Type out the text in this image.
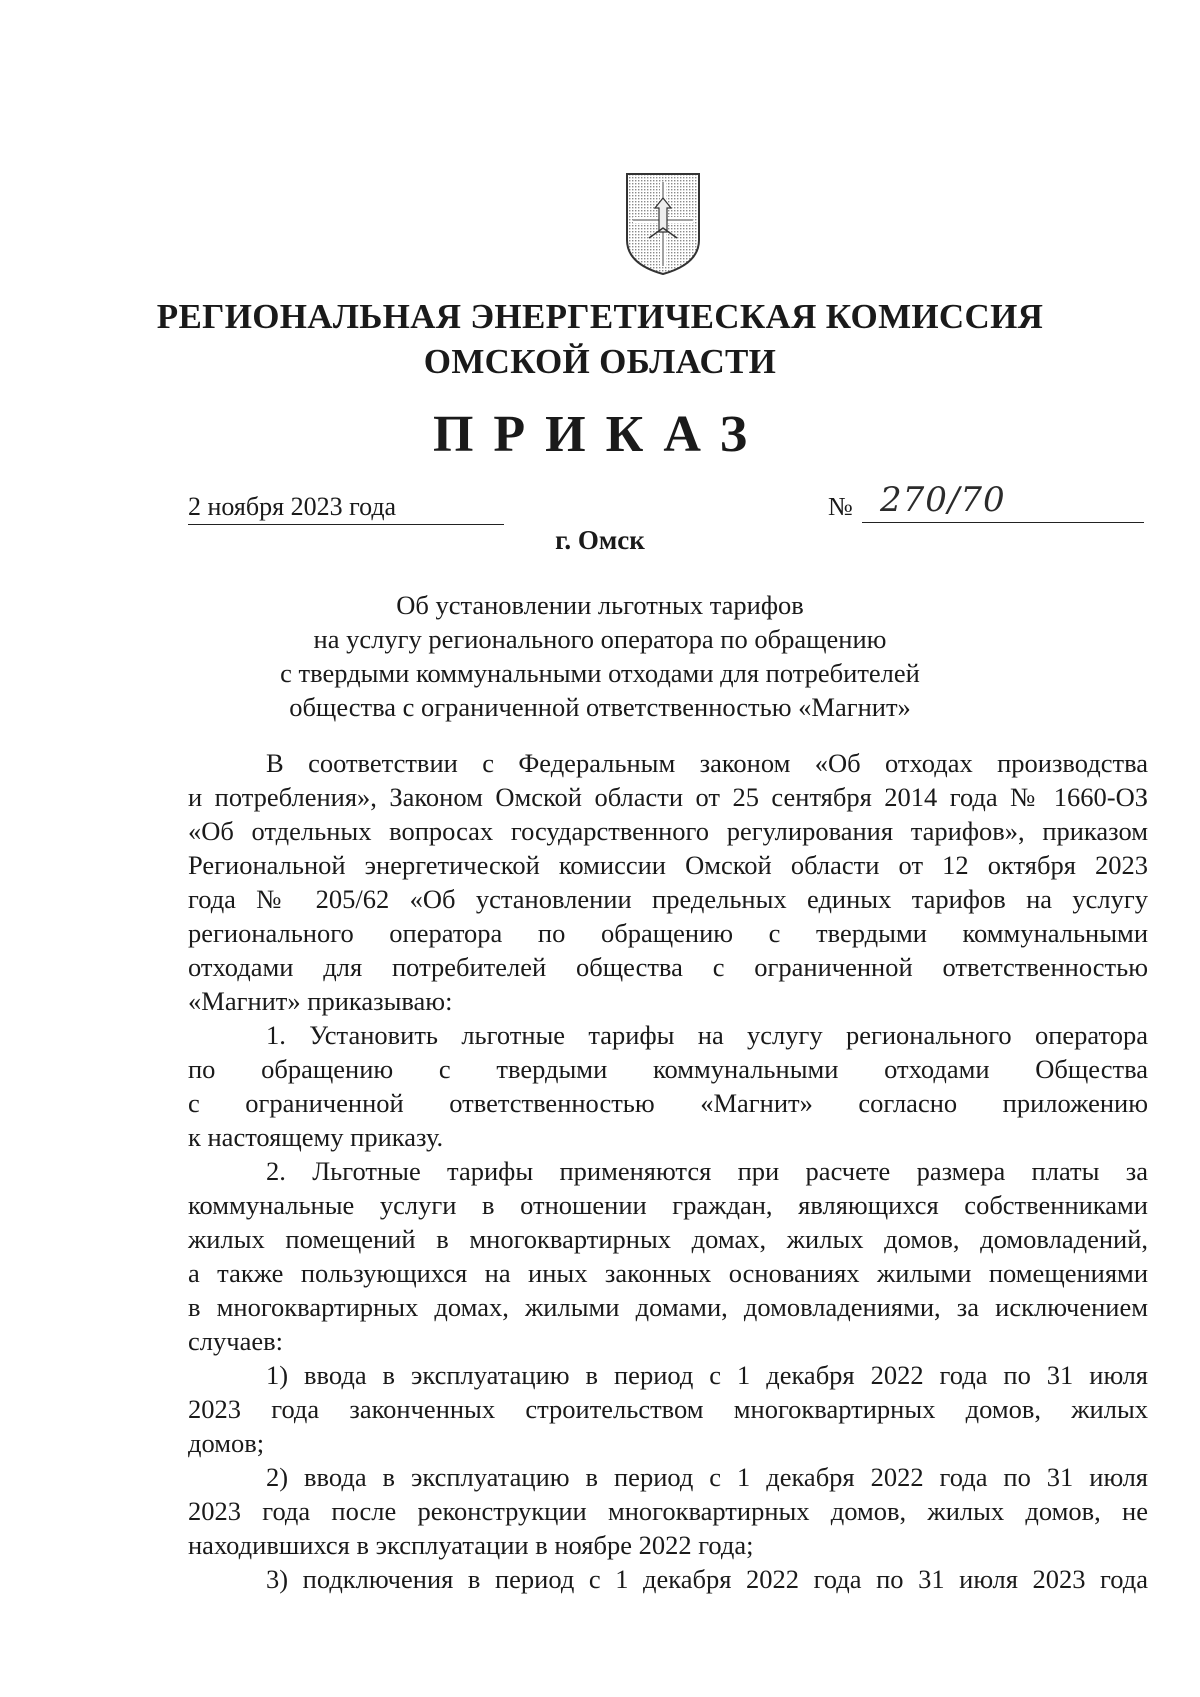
РЕГИОНАЛЬНАЯ ЭНЕРГЕТИЧЕСКАЯ КОМИССИЯ
ОМСКОЙ ОБЛАСТИ
ПРИКАЗ
2 ноября 2023 года	№ 270/70
г. Омск
Об установлении льготных тарифов
на услугу регионального оператора по обращению
с твердыми коммунальными отходами для потребителей
общества с ограниченной ответственностью «Магнит»
В соответствии с Федеральным законом «Об отходах производства
и потребления», Законом Омской области от 25 сентября 2014 года № 1660-ОЗ
«Об отдельных вопросах государственного регулирования тарифов», приказом
Региональной энергетической комиссии Омской области от 12 октября 2023
года № 205/62 «Об установлении предельных единых тарифов на услугу
регионального оператора по обращению с твердыми коммунальными
отходами для потребителей общества с ограниченной ответственностью
«Магнит» приказываю:
1. Установить льготные тарифы на услугу регионального оператора
по обращению с твердыми коммунальными отходами Общества
с ограниченной ответственностью «Магнит» согласно приложению
к настоящему приказу.
2. Льготные тарифы применяются при расчете размера платы за
коммунальные услуги в отношении граждан, являющихся собственниками
жилых помещений в многоквартирных домах, жилых домов, домовладений,
а также пользующихся на иных законных основаниях жилыми помещениями
в многоквартирных домах, жилыми домами, домовладениями, за исключением
случаев:
1) ввода в эксплуатацию в период с 1 декабря 2022 года по 31 июля
2023 года законченных строительством многоквартирных домов, жилых
домов;
2) ввода в эксплуатацию в период с 1 декабря 2022 года по 31 июля
2023 года после реконструкции многоквартирных домов, жилых домов, не
находившихся в эксплуатации в ноябре 2022 года;
3) подключения в период с 1 декабря 2022 года по 31 июля 2023 года
